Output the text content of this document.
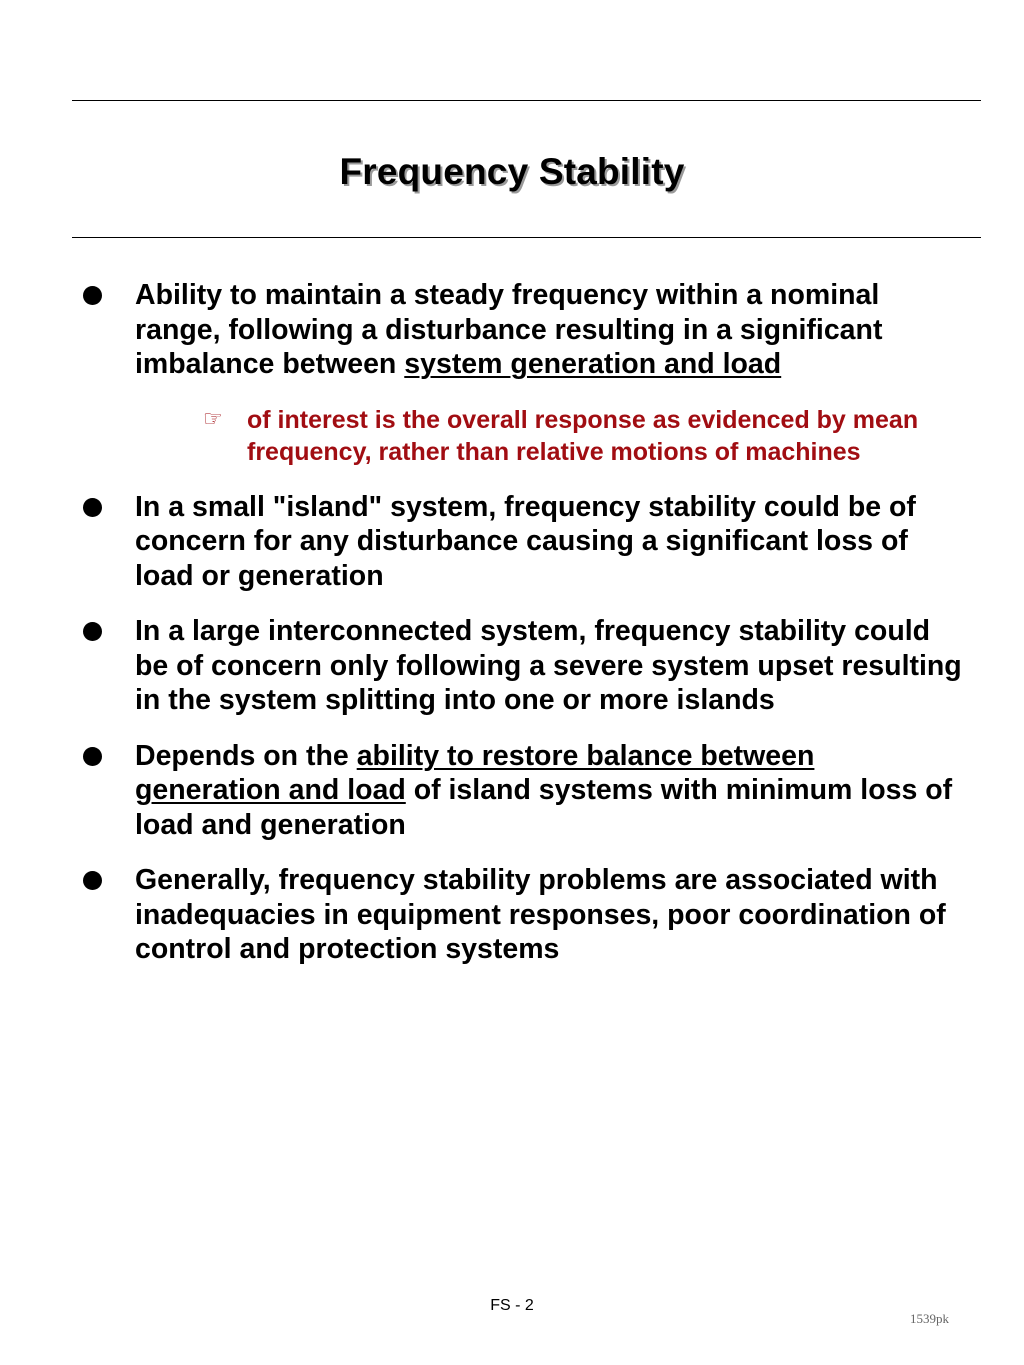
Frequency Stability
Ability to maintain a steady frequency within a nominal range, following a disturbance resulting in a significant imbalance between system generation and load
☞ of interest is the overall response as evidenced by mean frequency, rather than relative motions of machines
In a small "island" system, frequency stability could be of concern for any disturbance causing a significant loss of load or generation
In a large interconnected system, frequency stability could be of concern only following a severe system upset resulting in the system splitting into one or more islands
Depends on the ability to restore balance between generation and load of island systems with minimum loss of load and generation
Generally, frequency stability problems are associated with inadequacies in equipment responses, poor coordination of control and protection systems
FS - 2
1539pk
